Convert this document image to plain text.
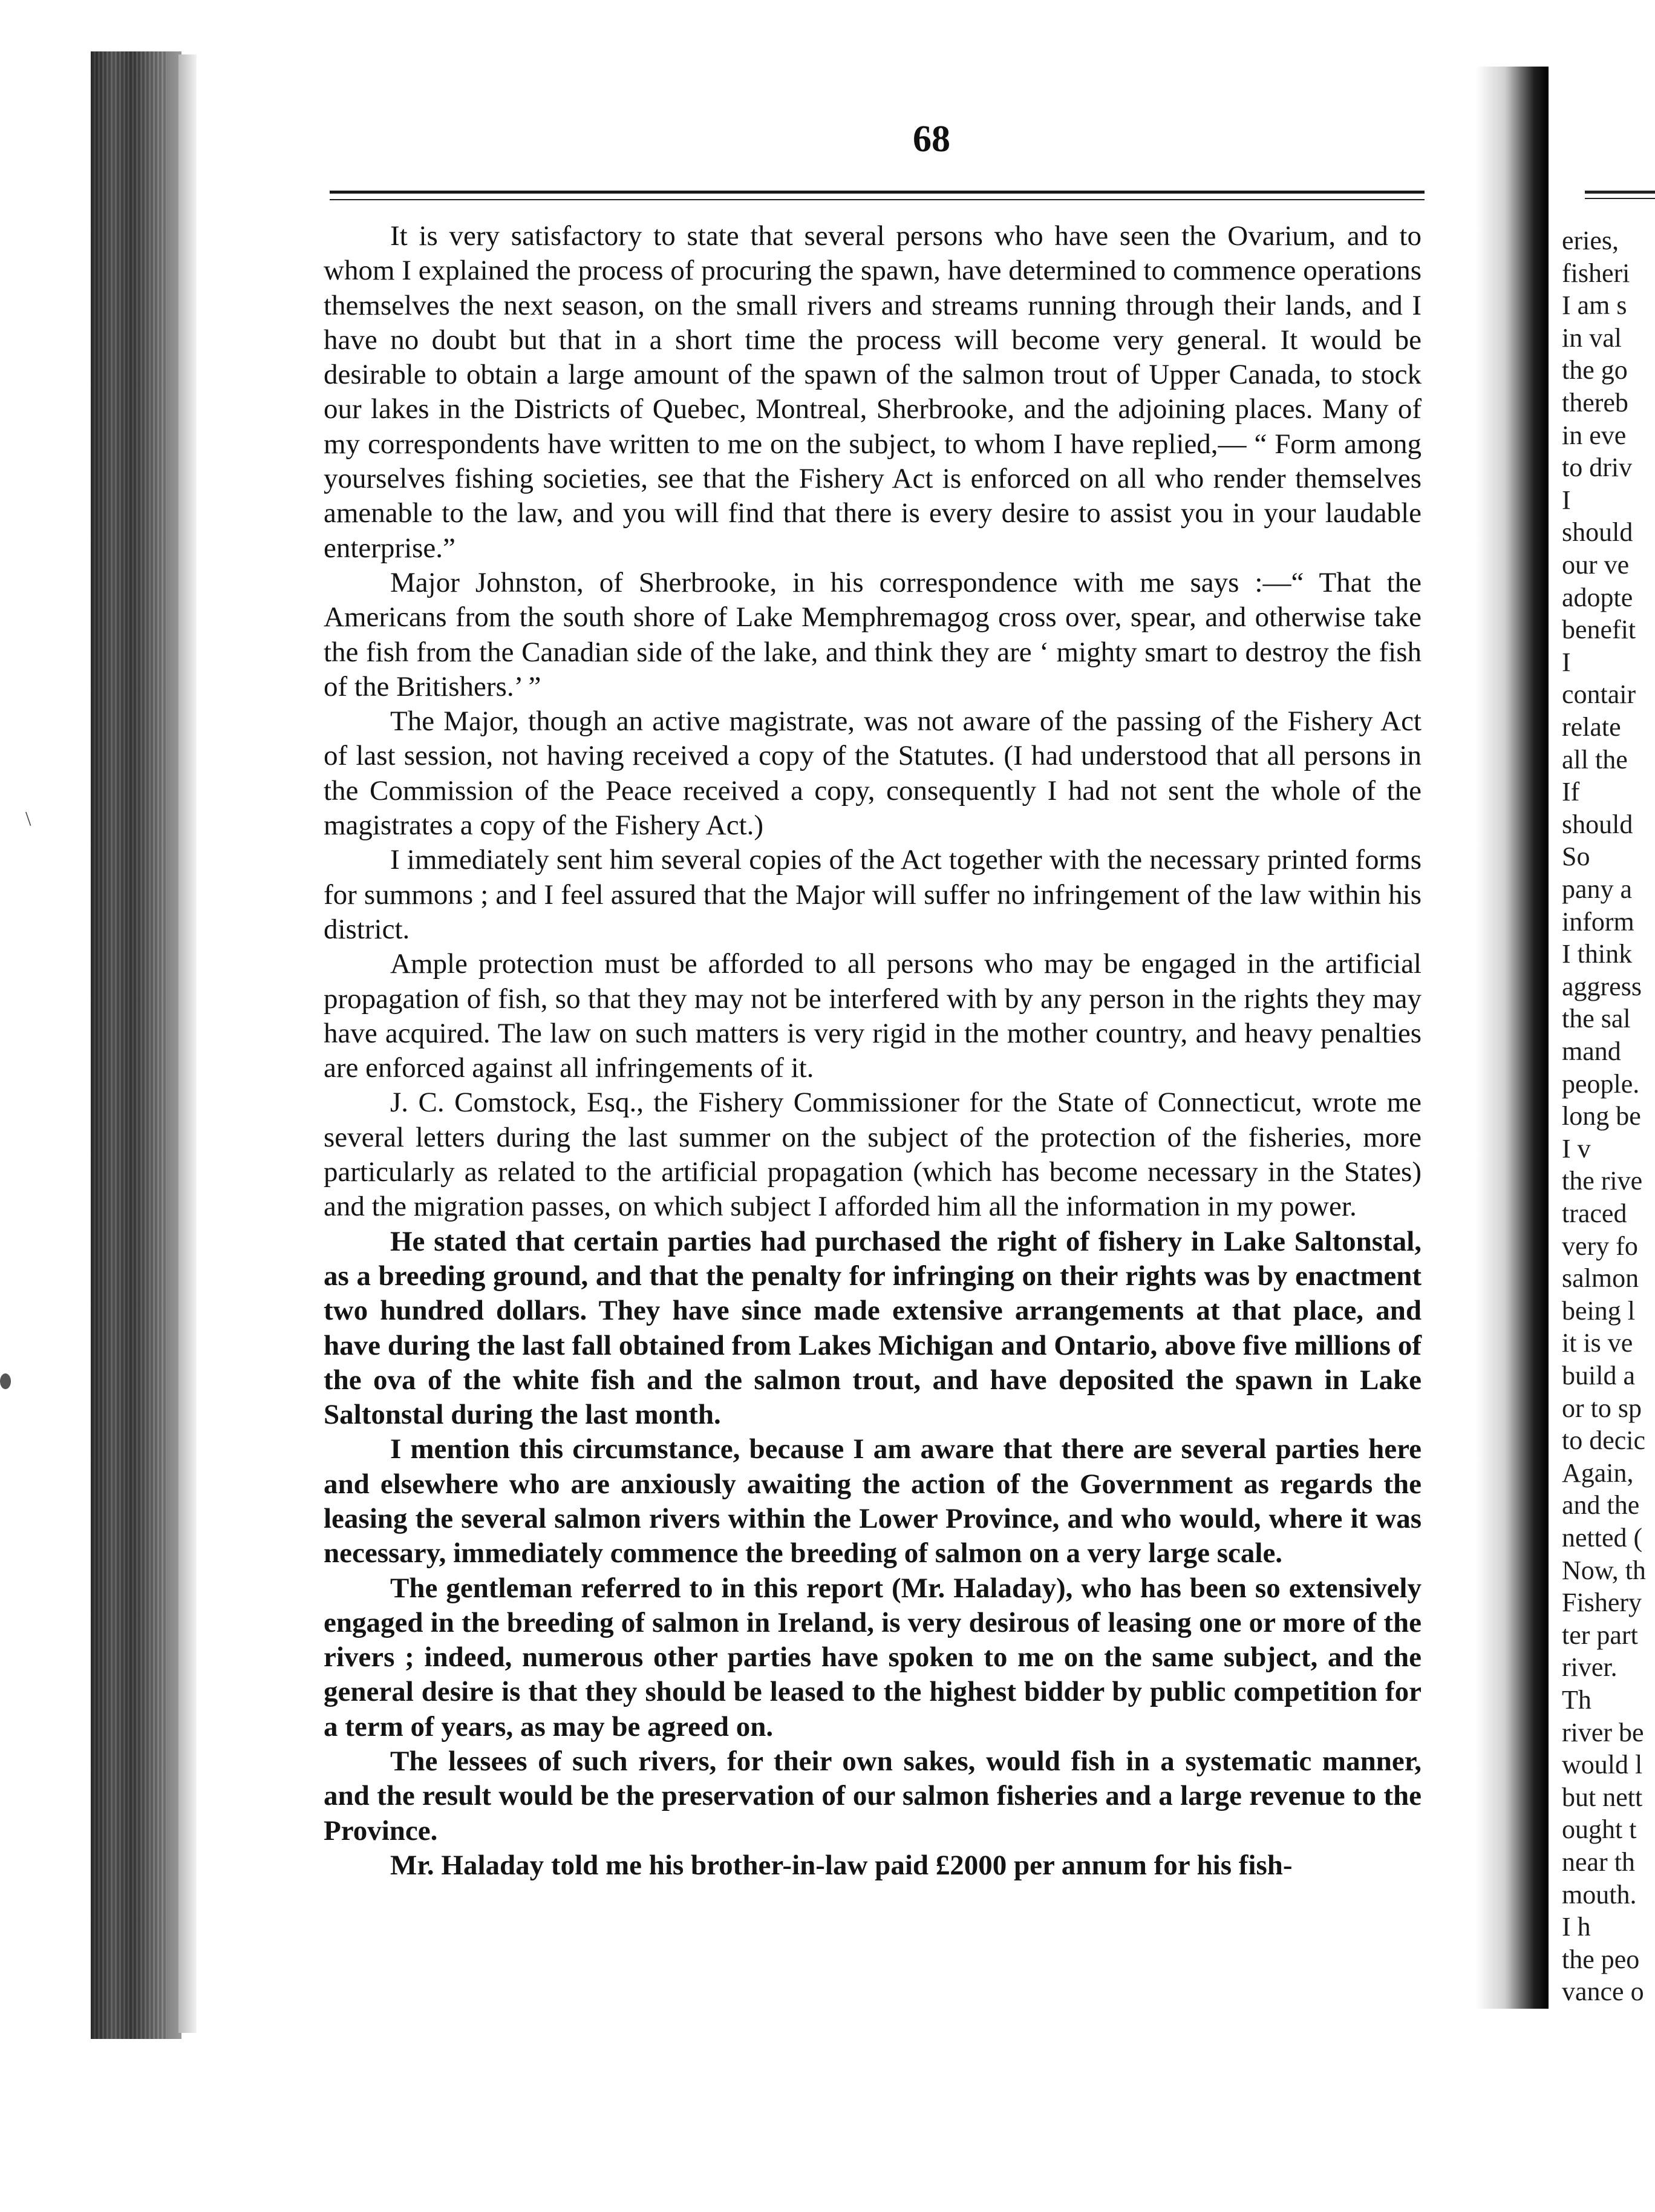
\
68

It is very satisfactory to state that several persons who have seen the Ovarium, and to whom I explained the process of procuring the spawn, have determined to commence operations themselves the next season, on the small rivers and streams running through their lands, and I have no doubt but that in a short time the process will become very general. It would be desirable to obtain a large amount of the spawn of the salmon trout of Upper Canada, to stock our lakes in the Districts of Quebec, Montreal, Sherbrooke, and the adjoining places. Many of my correspondents have written to me on the subject, to whom I have replied,— “ Form among yourselves fishing societies, see that the Fishery Act is enforced on all who render themselves amenable to the law, and you will find that there is every desire to assist you in your laudable enterprise.”

Major Johnston, of Sherbrooke, in his correspondence with me says :—“ That the Americans from the south shore of Lake Memphremagog cross over, spear, and otherwise take the fish from the Canadian side of the lake, and think they are ‘ mighty smart to destroy the fish of the Britishers.’ ”

The Major, though an active magistrate, was not aware of the passing of the Fishery Act of last session, not having received a copy of the Statutes. (I had understood that all persons in the Commission of the Peace received a copy, consequently I had not sent the whole of the magistrates a copy of the Fishery Act.)

I immediately sent him several copies of the Act together with the necessary printed forms for summons ; and I feel assured that the Major will suffer no infringement of the law within his district.

Ample protection must be afforded to all persons who may be engaged in the artificial propagation of fish, so that they may not be interfered with by any person in the rights they may have acquired. The law on such matters is very rigid in the mother country, and heavy penalties are enforced against all infringements of it.

J. C. Comstock, Esq., the Fishery Commissioner for the State of Connecticut, wrote me several letters during the last summer on the subject of the protection of the fisheries, more particularly as related to the artificial propagation (which has become necessary in the States) and the migration passes, on which subject I afforded him all the information in my power.

He stated that certain parties had purchased the right of fishery in Lake Saltonstal, as a breeding ground, and that the penalty for infringing on their rights was by enactment two hundred dollars. They have since made extensive arrangements at that place, and have during the last fall obtained from Lakes Michigan and Ontario, above five millions of the ova of the white fish and the salmon trout, and have deposited the spawn in Lake Saltonstal during the last month.

I mention this circumstance, because I am aware that there are several parties here and elsewhere who are anxiously awaiting the action of the Government as regards the leasing the several salmon rivers within the Lower Province, and who would, where it was necessary, immediately commence the breeding of salmon on a very large scale.

The gentleman referred to in this report (Mr. Haladay), who has been so extensively engaged in the breeding of salmon in Ireland, is very desirous of leasing one or more of the rivers ; indeed, numerous other parties have spoken to me on the same subject, and the general desire is that they should be leased to the highest bidder by public competition for a term of years, as may be agreed on.

The lessees of such rivers, for their own sakes, would fish in a systematic manner, and the result would be the preservation of our salmon fisheries and a large revenue to the Province.

Mr. Haladay told me his brother-in-law paid £2000 per annum for his fish-

eries,
fisheri
I am s
in val
the go
thereb
in eve
to driv
I
should
our ve
adopte
benefit
I
contair
relate
all the
If
should
So
pany a
inform
I think
aggress
the sal
mand
people.
long be
I v
the rive
traced
very fo
salmon
being l
it is ve
build a
or to sp
to decic
Again,
and the
netted (
Now, th
Fishery
ter part
river.
Th
river be
would l
but nett
ought t
near th
mouth.
I h
the peo
vance o
